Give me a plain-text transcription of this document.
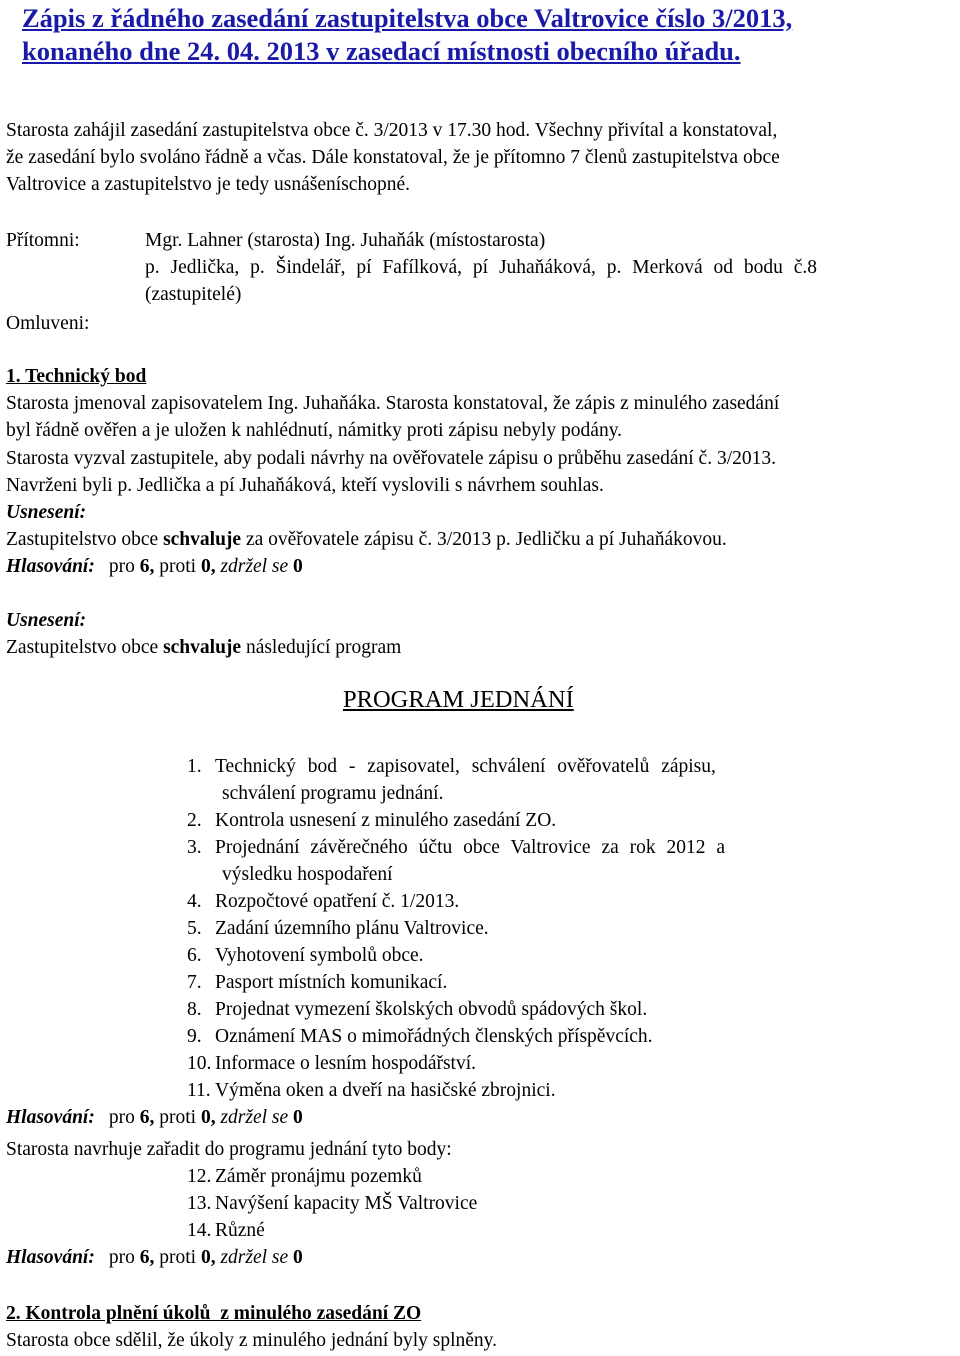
Zápis z řádného zasedání zastupitelstva obce Valtrovice číslo 3/2013,
konaného dne 24. 04. 2013 v zasedací místnosti obecního úřadu.
Starosta zahájil zasedání zastupitelstva obce č. 3/2013 v 17.30 hod. Všechny přivítal a konstatoval,
že zasedání bylo svoláno řádně a včas. Dále konstatoval, že je přítomno 7 členů zastupitelstva obce
Valtrovice a zastupitelstvo je tedy usnášeníschopné.
Přítomni:	Mgr. Lahner (starosta) Ing. Juhaňák (místostarosta)
p. Jedlička, p. Šindelář, pí Fafílková, pí Juhaňáková, p. Merková od bodu č.8
(zastupitelé)
Omluveni:
1. Technický bod
Starosta jmenoval zapisovatelem Ing. Juhaňáka. Starosta konstatoval, že zápis z minulého zasedání
byl řádně ověřen a je uložen k nahlédnutí, námitky proti zápisu nebyly podány.
Starosta vyzval zastupitele, aby podali návrhy na ověřovatele zápisu o průběhu zasedání č. 3/2013.
Navrženi byli p. Jedlička a pí Juhaňáková, kteří vyslovili s návrhem souhlas.
Usnesení:
Zastupitelstvo obce schvaluje za ověřovatele zápisu č. 3/2013 p. Jedličku a pí Juhaňákovou.
Hlasování: pro 6, proti 0, zdržel se 0
Usnesení:
Zastupitelstvo obce schvaluje následující program
PROGRAM JEDNÁNÍ
1. Technický bod - zapisovatel, schválení ověřovatelů zápisu,
schválení programu jednání.
2. Kontrola usnesení z minulého zasedání ZO.
3. Projednání závěrečného účtu obce Valtrovice za rok 2012 a
výsledku hospodaření
4. Rozpočtové opatření č. 1/2013.
5. Zadání územního plánu Valtrovice.
6. Vyhotovení symbolů obce.
7. Pasport místních komunikací.
8. Projednat vymezení školských obvodů spádových škol.
9. Oznámení MAS o mimořádných členských příspěvcích.
10. Informace o lesním hospodářství.
11. Výměna oken a dveří na hasičské zbrojnici.
Hlasování: pro 6, proti 0, zdržel se 0
Starosta navrhuje zařadit do programu jednání tyto body:
12. Záměr pronájmu pozemků
13. Navýšení kapacity MŠ Valtrovice
14. Různé
Hlasování: pro 6, proti 0, zdržel se 0
2. Kontrola plnění úkolů  z minulého zasedání ZO
Starosta obce sdělil, že úkoly z minulého jednání byly splněny.
